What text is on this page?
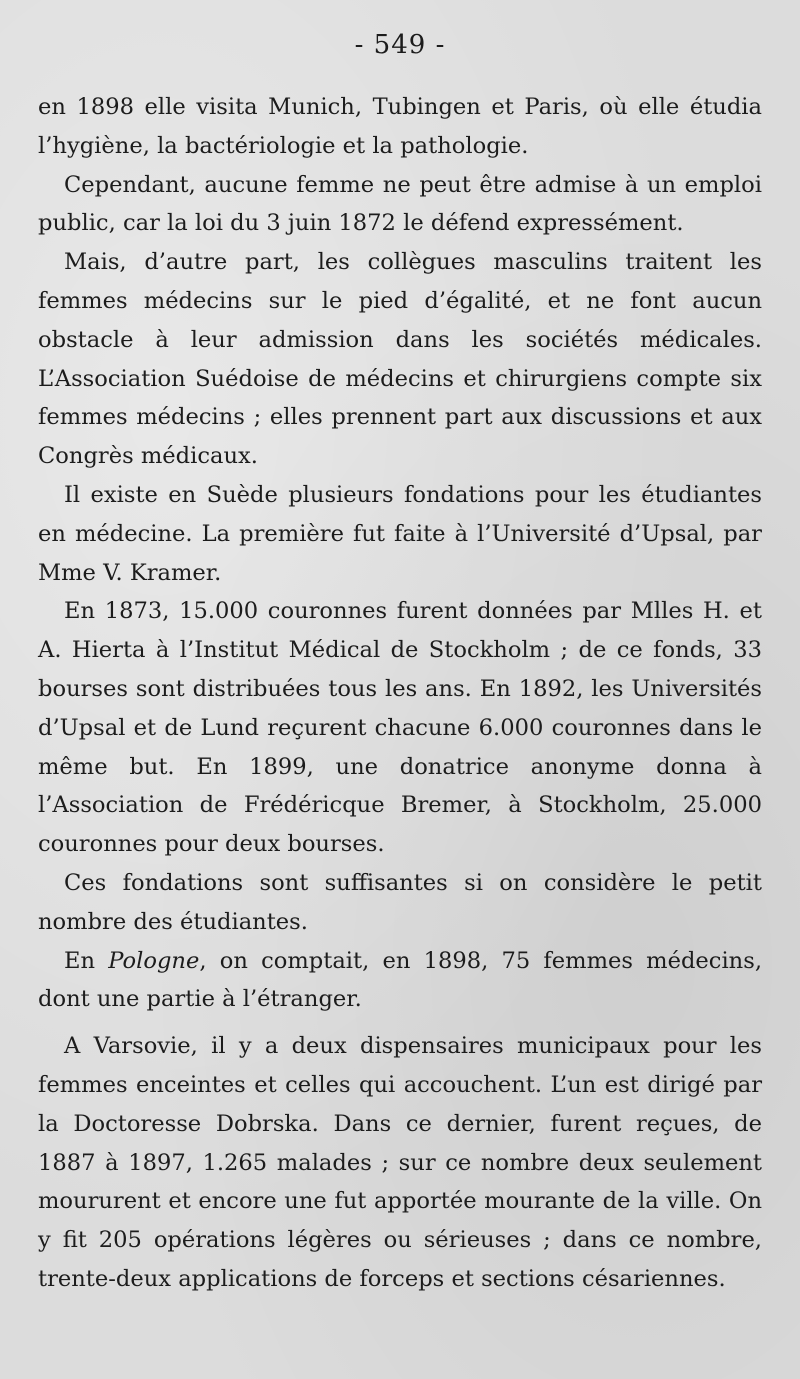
- 549 -

en 1898 elle visita Munich, Tubingen et Paris, où elle étudia l’hygiène, la bactériologie et la pathologie.

Cependant, aucune femme ne peut être admise à un emploi public, car la loi du 3 juin 1872 le défend expressément.

Mais, d’autre part, les collègues masculins traitent les femmes médecins sur le pied d’égalité, et ne font aucun obstacle à leur admission dans les sociétés médicales. L’Association Suédoise de médecins et chirurgiens compte six femmes médecins ; elles prennent part aux discussions et aux Congrès médicaux.

Il existe en Suède plusieurs fondations pour les étudiantes en médecine. La première fut faite à l’Université d’Upsal, par Mme V. Kramer.

En 1873, 15.000 couronnes furent données par Mlles H. et A. Hierta à l’Institut Médical de Stockholm ; de ce fonds, 33 bourses sont distribuées tous les ans. En 1892, les Universités d’Upsal et de Lund reçurent chacune 6.000 couronnes dans le même but. En 1899, une donatrice anonyme donna à l’Association de Frédéricque Bremer, à Stockholm, 25.000 couronnes pour deux bourses.

Ces fondations sont suffisantes si on considère le petit nombre des étudiantes.

En Pologne, on comptait, en 1898, 75 femmes médecins, dont une partie à l’étranger.

A Varsovie, il y a deux dispensaires municipaux pour les femmes enceintes et celles qui accouchent. L’un est dirigé par la Doctoresse Dobrska. Dans ce dernier, furent reçues, de 1887 à 1897, 1.265 malades ; sur ce nombre deux seulement moururent et encore une fut apportée mourante de la ville. On y fit 205 opérations légères ou sérieuses ; dans ce nombre, trente-deux applications de forceps et sections césariennes.
